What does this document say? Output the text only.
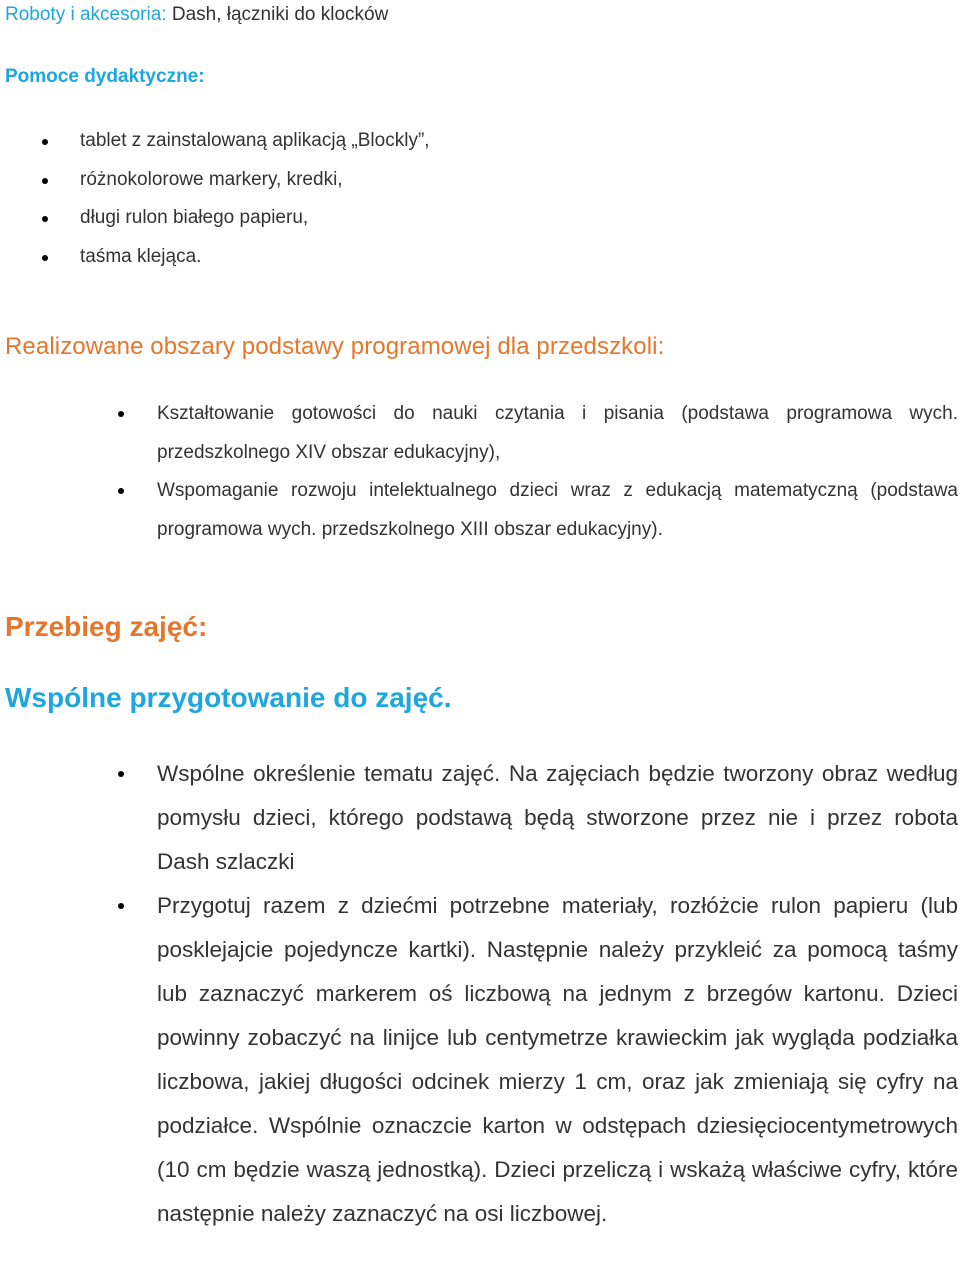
Roboty i akcesoria: Dash, łączniki do klocków
Pomoce dydaktyczne:
tablet z zainstalowaną aplikacją „Blockly”,
różnokolorowe markery, kredki,
długi rulon białego papieru,
taśma klejąca.
Realizowane obszary podstawy programowej dla przedszkoli:
Kształtowanie gotowości do nauki czytania i pisania (podstawa programowa wych. przedszkolnego XIV obszar edukacyjny),
Wspomaganie rozwoju intelektualnego dzieci wraz z edukacją matematyczną (podstawa programowa wych. przedszkolnego XIII obszar edukacyjny).
Przebieg zajęć:
Wspólne przygotowanie do zajęć.
Wspólne określenie tematu zajęć. Na zajęciach będzie tworzony obraz według pomysłu dzieci, którego podstawą będą stworzone przez nie i przez robota Dash szlaczki
Przygotuj razem z dziećmi potrzebne materiały, rozłóżcie rulon papieru (lub posklejajcie pojedyncze kartki). Następnie należy przykleić za pomocą taśmy lub zaznaczyć markerem oś liczbową na jednym z brzegów kartonu. Dzieci powinny zobaczyć na linijce lub centymetrze krawieckim jak wygląda podziałka liczbowa, jakiej długości odcinek mierzy 1 cm, oraz jak zmieniają się cyfry na podziałce. Wspólnie oznaczcie karton w odstępach dziesięciocentymetrowych (10 cm będzie waszą jednostką). Dzieci przeliczą i wskażą właściwe cyfry, które następnie należy zaznaczyć na osi liczbowej.
